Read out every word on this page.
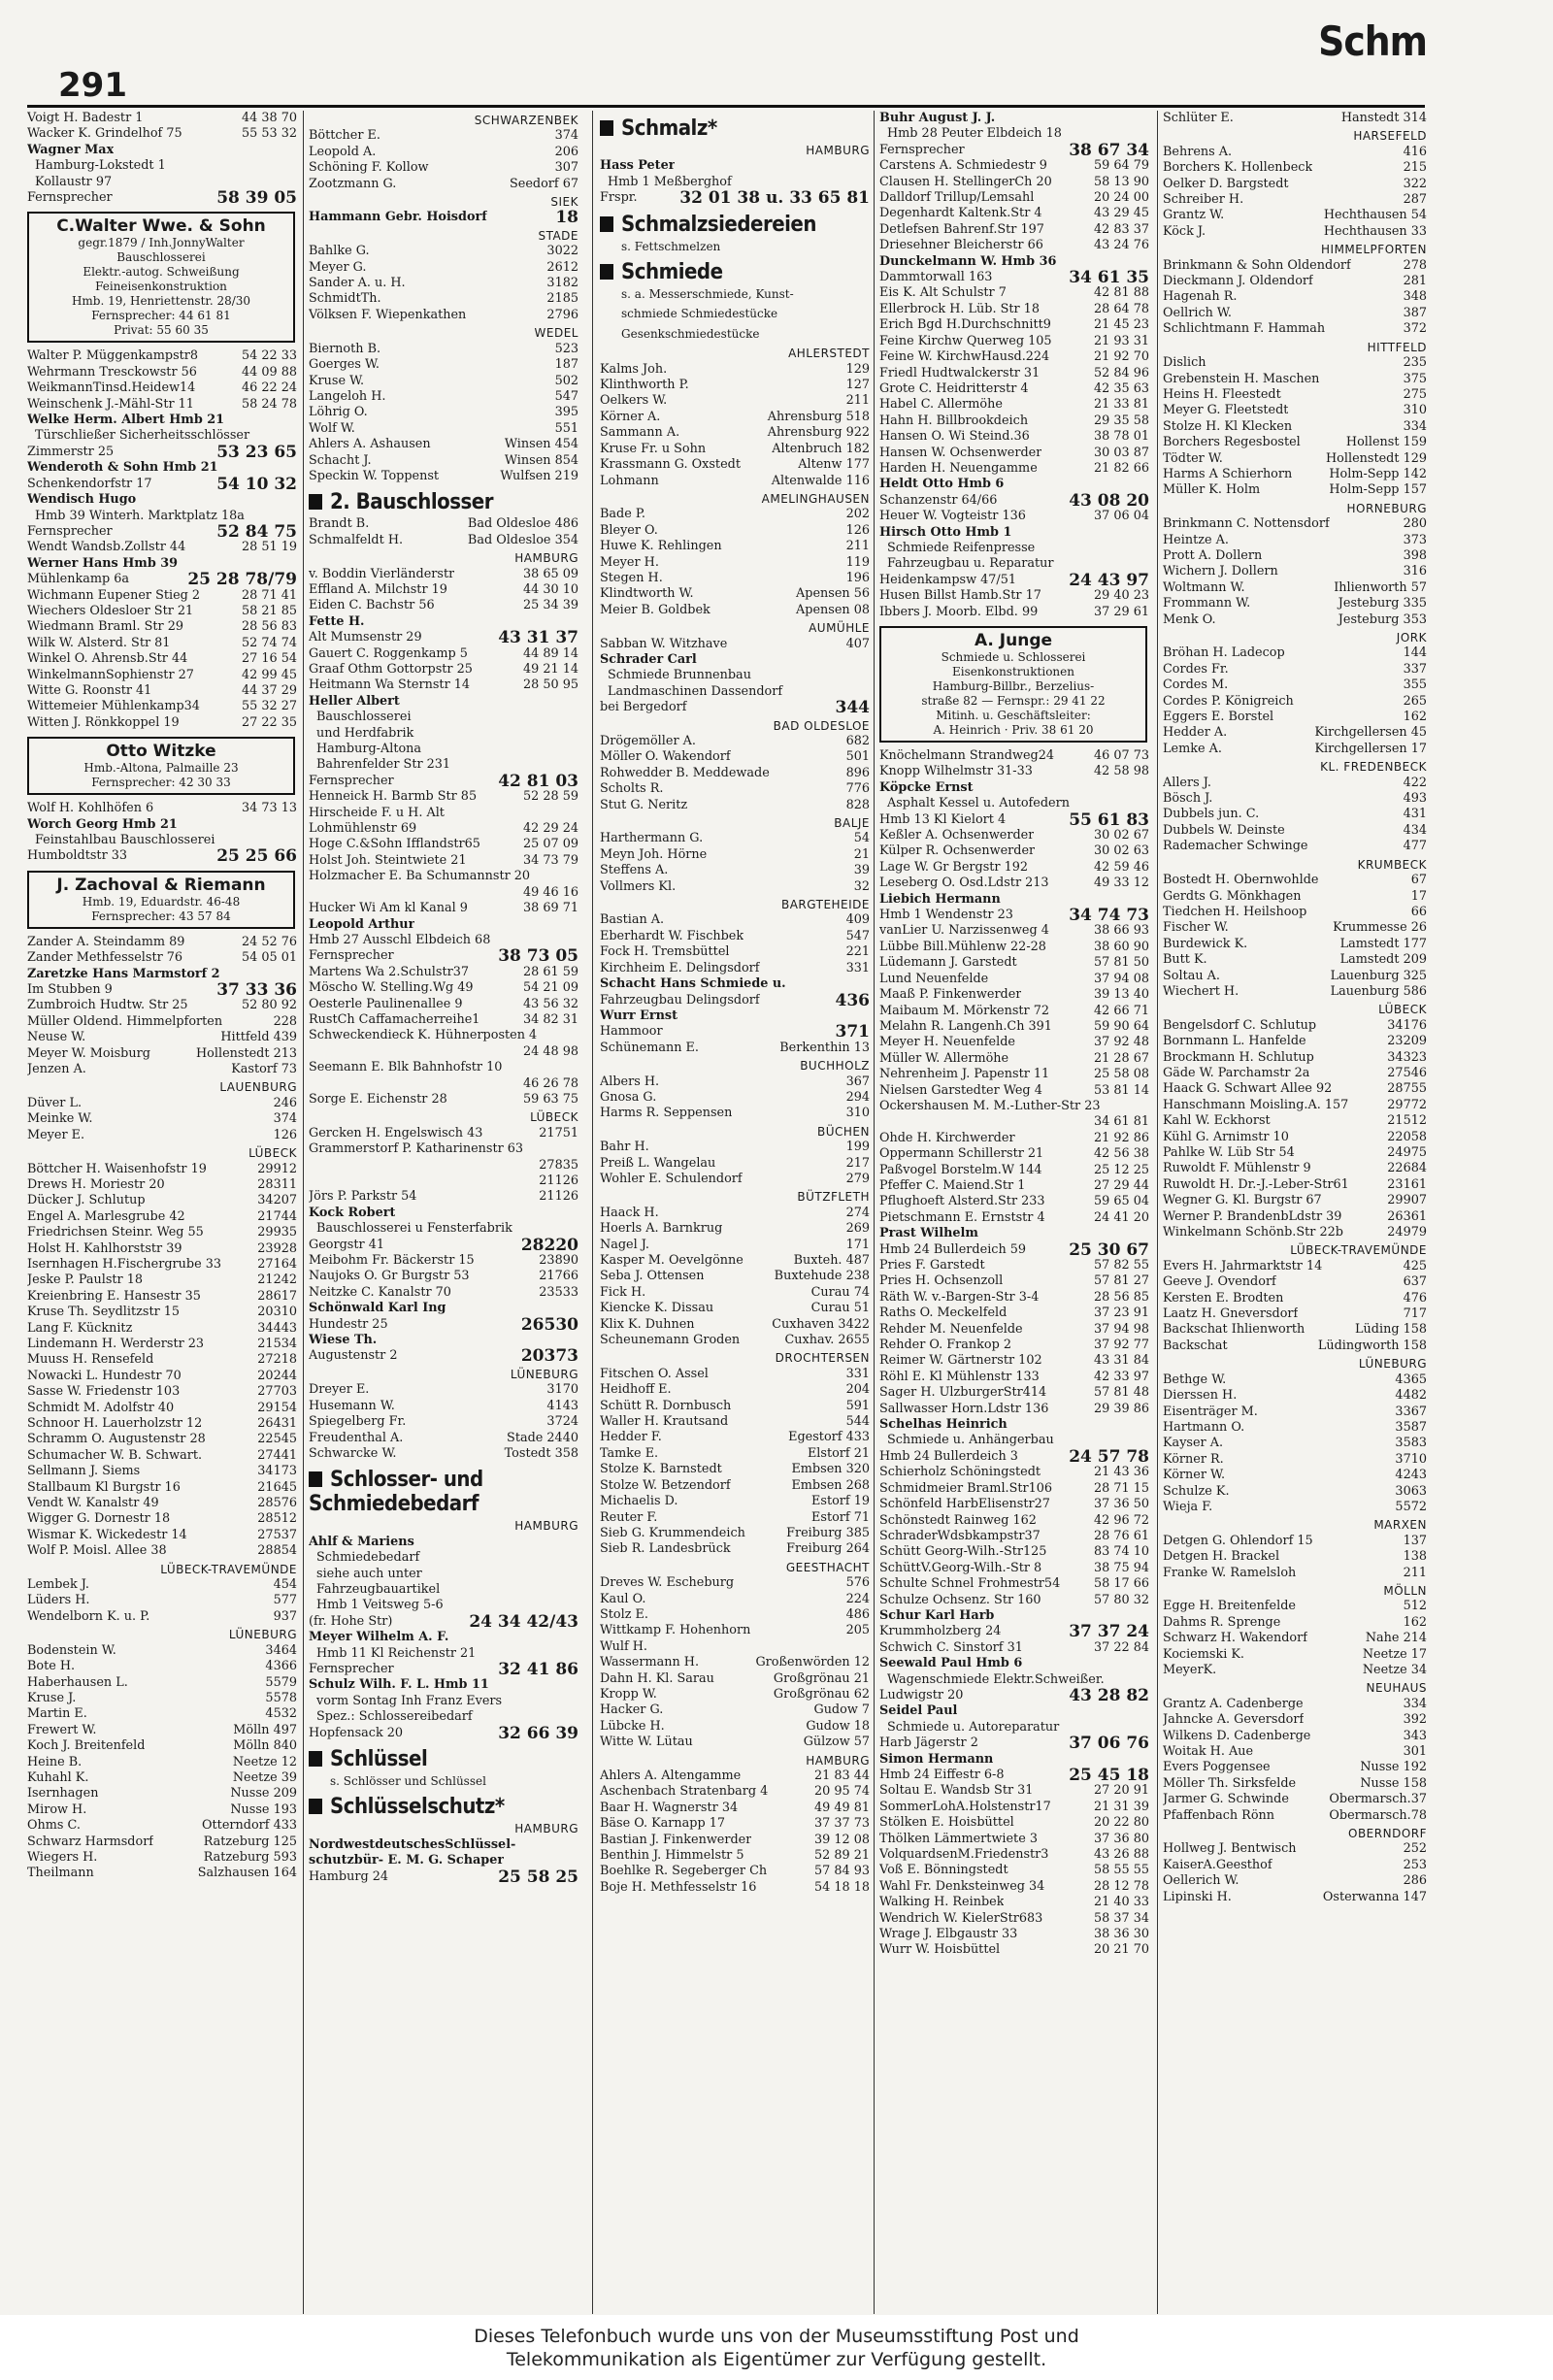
291
Schm
Voigt H. Badestr 1	44 38 70
Wacker K. Grindelhof 75	55 53 32
Wagner Max
Hamburg-Lokstedt 1
Kollaustr 97
Fernsprecher	58 39 05
C.Walter Wwe. & Sohn
gegr.1879 / Inh.JonnyWalter
Bauschlosserei
Elektr.-autog. Schweißung
Feineisenkonstruktion
Hmb. 19, Henriettenstr. 28/30
Fernsprecher: 44 61 81
Privat: 55 60 35
Walter P. Müggenkampstr8	54 22 33
Wehrmann Tresckowstr 56	44 09 88
WeikmannTinsd.Heidew14	46 22 24
Weinschenk J.-Mähl-Str 11	58 24 78
Welke Herm. Albert Hmb 21
Türschließer Sicherheitsschlösser
Zimmerstr 25	53 23 65
Wenderoth & Sohn Hmb 21
Schenkendorfstr 17	54 10 32
Wendisch Hugo
Hmb 39 Winterh. Marktplatz 18a
Fernsprecher	52 84 75
Wendt Wandsb.Zollstr 44	28 51 19
Werner Hans Hmb 39
Mühlenkamp 6a	25 28 78/79
Wichmann Eupener Stieg 2	28 71 41
Wiechers Oldesloer Str 21	58 21 85
Wiedmann Braml. Str 29	28 56 83
Wilk W. Alsterd. Str 81	52 74 74
Winkel O. Ahrensb.Str 44	27 16 54
WinkelmannSophienstr 27	42 99 45
Witte G. Roonstr 41	44 37 29
Wittemeier Mühlenkamp34	55 32 27
Witten J. Rönkkoppel 19	27 22 35
Otto Witzke
Hmb.-Altona, Palmaille 23
Fernsprecher: 42 30 33
Wolf H. Kohlhöfen 6	34 73 13
Worch Georg Hmb 21
Feinstahlbau Bauschlosserei
Humboldtstr 33	25 25 66
J. Zachoval & Riemann
Hmb. 19, Eduardstr. 46-48
Fernsprecher: 43 57 84
Zander A. Steindamm 89	24 52 76
Zander Methfesselstr 76	54 05 01
Zaretzke Hans Marmstorf 2
Im Stubben 9	37 33 36
Zumbroich Hudtw. Str 25	52 80 92
Müller Oldend. Himmelpforten	228
Neuse W.	Hittfeld 439
Meyer W. Moisburg	Hollenstedt 213
Jenzen A.	Kastorf 73
LAUENBURG
Düver L.	246
Meinke W.	374
Meyer E.	126
LÜBECK
Böttcher H. Waisenhofstr 19	29912
Drews H. Moriestr 20	28311
Dücker J. Schlutup	34207
Engel A. Marlesgrube 42	21744
Friedrichsen Steinr. Weg 55	29935
Holst H. Kahlhorststr 39	23928
Isernhagen H.Fischergrube 33	27164
Jeske P. Paulstr 18	21242
Kreienbring E. Hansestr 35	28617
Kruse Th. Seydlitzstr 15	20310
Lang F. Kücknitz	34443
Lindemann H. Werderstr 23	21534
Muuss H. Rensefeld	27218
Nowacki L. Hundestr 70	20244
Sasse W. Friedenstr 103	27703
Schmidt M. Adolfstr 40	29154
Schnoor H. Lauerholzstr 12	26431
Schramm O. Augustenstr 28	22545
Schumacher W. B. Schwart.	27441
Sellmann J. Siems	34173
Stallbaum Kl Burgstr 16	21645
Vendt W. Kanalstr 49	28576
Wigger G. Dornestr 18	28512
Wismar K. Wickedestr 14	27537
Wolf P. Moisl. Allee 38	28854
LÜBECK-TRAVEMÜNDE
Lembek J.	454
Lüders H.	577
Wendelborn K. u. P.	937
LÜNEBURG
Bodenstein W.	3464
Bote H.	4366
Haberhausen L.	5579
Kruse J.	5578
Martin E.	4532
Frewert W.	Mölln 497
Koch J. Breitenfeld	Mölln 840
Heine B.	Neetze 12
Kuhahl K.	Neetze 39
Isernhagen	Nusse 209
Mirow H.	Nusse 193
Ohms C.	Otterndorf 433
Schwarz Harmsdorf	Ratzeburg 125
Wiegers H.	Ratzeburg 593
Theilmann	Salzhausen 164
SCHWARZENBEK
Böttcher E.	374
Leopold A.	206
Schöning F. Kollow	307
Zootzmann G.	Seedorf 67
SIEK
Hammann Gebr. Hoisdorf	18
STADE
Bahlke G.	3022
Meyer G.	2612
Sander A. u. H.	3182
SchmidtTh.	2185
Völksen F. Wiepenkathen	2796
WEDEL
Biernoth B.	523
Goerges W.	187
Kruse W.	502
Langeloh H.	547
Löhrig O.	395
Wolf W.	551
Ahlers A. Ashausen	Winsen 454
Schacht J.	Winsen 854
Speckin W. Toppenst	Wulfsen 219
2. Bauschlosser
Brandt B.	Bad Oldesloe 486
Schmalfeldt H.	Bad Oldesloe 354
HAMBURG
v. Boddin Vierländerstr	38 65 09
Effland A. Milchstr 19	44 30 10
Eiden C. Bachstr 56	25 34 39
Fette H.
Alt Mumsenstr 29	43 31 37
Gauert C. Roggenkamp 5	44 89 14
Graaf Othm Gottorpstr 25	49 21 14
Heitmann Wa Sternstr 14	28 50 95
Heller Albert
Bauschlosserei
und Herdfabrik
Hamburg-Altona
Bahrenfelder Str 231
Fernsprecher	42 81 03
Henneick H. Barmb Str 85	52 28 59
Hirscheide F. u H. Alt
Lohmühlenstr 69	42 29 24
Hoge C.&Sohn Ifflandstr65	25 07 09
Holst Joh. Steintwiete 21	34 73 79
Holzmacher E. Ba Schumannstr 20
49 46 16
Hucker Wi Am kl Kanal 9	38 69 71
Leopold Arthur
Hmb 27 Ausschl Elbdeich 68
Fernsprecher	38 73 05
Martens Wa 2.Schulstr37	28 61 59
Möscho W. Stelling.Wg 49	54 21 09
Oesterle Paulinenallee 9	43 56 32
RustCh Caffamacherreihe1	34 82 31
Schweckendieck K. Hühnerposten 4
24 48 98
Seemann E. Blk Bahnhofstr 10
46 26 78
Sorge E. Eichenstr 28	59 63 75
LÜBECK
Gercken H. Engelswisch 43	21751
Grammerstorf P. Katharinenstr 63
27835
21126
Jörs P. Parkstr 54	21126
Kock Robert
Bauschlosserei u Fensterfabrik
Georgstr 41	28220
Meibohm Fr. Bäckerstr 15	23890
Naujoks O. Gr Burgstr 53	21766
Neitzke C. Kanalstr 70	23533
Schönwald Karl Ing
Hundestr 25	26530
Wiese Th.
Augustenstr 2	20373
LÜNEBURG
Dreyer E.	3170
Husemann W.	4143
Spiegelberg Fr.	3724
Freudenthal A.	Stade 2440
Schwarcke W.	Tostedt 358
Schlosser- und Schmiedebedarf
HAMBURG
Ahlf & Mariens
Schmiedebedarf
siehe auch unter
Fahrzeugbauartikel
Hmb 1 Veitsweg 5-6
(fr. Hohe Str)	24 34 42/43
Meyer Wilhelm A. F.
Hmb 11 Kl Reichenstr 21
Fernsprecher	32 41 86
Schulz Wilh. F. L. Hmb 11
vorm Sontag Inh Franz Evers
Spez.: Schlossereibedarf
Hopfensack 20	32 66 39
Schlüssel
s. Schlösser und Schlüssel
Schlüsselschutz*
HAMBURG
NordwestdeutschesSchlüssel-
schutzbür- E. M. G. Schaper
Hamburg 24	25 58 25
Schmalz*
HAMBURG
Hass Peter
Hmb 1 Meßberghof
Frspr.	32 01 38 u. 33 65 81
Schmalzsiedereien
s. Fettschmelzen
Schmiede
s. a. Messerschmiede, Kunst-
schmiede Schmiedestücke
Gesenkschmiedestücke
AHLERSTEDT
Kalms Joh.	129
Klinthworth P.	127
Oelkers W.	211
Körner A.	Ahrensburg 518
Sammann A.	Ahrensburg 922
Kruse Fr. u Sohn	Altenbruch 182
Krassmann G. Oxstedt	Altenw 177
Lohmann	Altenwalde 116
AMELINGHAUSEN
Bade P.	202
Bleyer O.	126
Huwe K. Rehlingen	211
Meyer H.	119
Stegen H.	196
Klindtworth W.	Apensen 56
Meier B. Goldbek	Apensen 08
AUMÜHLE
Sabban W. Witzhave	407
Schrader Carl
Schmiede Brunnenbau
Landmaschinen Dassendorf
bei Bergedorf	344
BAD OLDESLOE
Drögemöller A.	682
Möller O. Wakendorf	501
Rohwedder B. Meddewade	896
Scholts R.	776
Stut G. Neritz	828
BALJE
Harthermann G.	54
Meyn Joh. Hörne	21
Steffens A.	39
Vollmers Kl.	32
BARGTEHEIDE
Bastian A.	409
Eberhardt W. Fischbek	547
Fock H. Tremsbüttel	221
Kirchheim E. Delingsdorf	331
Schacht Hans Schmiede u.
Fahrzeugbau Delingsdorf	436
Wurr Ernst
Hammoor	371
Schünemann E.	Berkenthin 13
BUCHHOLZ
Albers H.	367
Gnosa G.	294
Harms R. Seppensen	310
BÜCHEN
Bahr H.	199
Preiß L. Wangelau	217
Wohler E. Schulendorf	279
BÜTZFLETH
Haack H.	274
Hoerls A. Barnkrug	269
Nagel J.	171
Kasper M. Oevelgönne	Buxteh. 487
Seba J. Ottensen	Buxtehude 238
Fick H.	Curau 74
Kiencke K. Dissau	Curau 51
Klix K. Duhnen	Cuxhaven 3422
Scheunemann Groden	Cuxhav. 2655
DROCHTERSEN
Fitschen O. Assel	331
Heidhoff E.	204
Schütt R. Dornbusch	591
Waller H. Krautsand	544
Hedder F.	Egestorf 433
Tamke E.	Elstorf 21
Stolze K. Barnstedt	Embsen 320
Stolze W. Betzendorf	Embsen 268
Michaelis D.	Estorf 19
Reuter F.	Estorf 71
Sieb G. Krummendeich	Freiburg 385
Sieb R. Landesbrück	Freiburg 264
GEESTHACHT
Dreves W. Escheburg	576
Kaul O.	224
Stolz E.	486
Wittkamp F. Hohenhorn	205
Wulf H.
Wassermann H.	Großenwörden 12
Dahn H. Kl. Sarau	Großgrönau 21
Kropp W.	Großgrönau 62
Hacker G.	Gudow 7
Lübcke H.	Gudow 18
Witte W. Lütau	Gülzow 57
HAMBURG
Ahlers A. Altengamme	21 83 44
Aschenbach Stratenbarg 4	20 95 74
Baar H. Wagnerstr 34	49 49 81
Bäse O. Karnapp 17	37 37 73
Bastian J. Finkenwerder	39 12 08
Benthin J. Himmelstr 5	52 89 21
Boehlke R. Segeberger Ch	57 84 93
Boje H. Methfesselstr 16	54 18 18
Buhr August J. J.
Hmb 28 Peuter Elbdeich 18
Fernsprecher	38 67 34
Carstens A. Schmiedestr 9	59 64 79
Clausen H. StellingerCh 20	58 13 90
Dalldorf Trillup/Lemsahl	20 24 00
Degenhardt Kaltenk.Str 4	43 29 45
Detlefsen Bahrenf.Str 197	42 83 37
Driesehner Bleicherstr 66	43 24 76
Dunckelmann W. Hmb 36
Dammtorwall 163	34 61 35
Eis K. Alt Schulstr 7	42 81 88
Ellerbrock H. Lüb. Str 18	28 64 78
Erich Bgd H.Durchschnitt9	21 45 23
Feine Kirchw Querweg 105	21 93 31
Feine W. KirchwHausd.224	21 92 70
Friedl Hudtwalckerstr 31	52 84 96
Grote C. Heidritterstr 4	42 35 63
Habel C. Allermöhe	21 33 81
Hahn H. Billbrookdeich	29 35 58
Hansen O. Wi Steind.36	38 78 01
Hansen W. Ochsenwerder	30 03 87
Harden H. Neuengamme	21 82 66
Heldt Otto Hmb 6
Schanzenstr 64/66	43 08 20
Heuer W. Vogteistr 136	37 06 04
Hirsch Otto Hmb 1
Schmiede Reifenpresse
Fahrzeugbau u. Reparatur
Heidenkampsw 47/51	24 43 97
Husen Billst Hamb.Str 17	29 40 23
Ibbers J. Moorb. Elbd. 99	37 29 61
A. Junge
Schmiede u. Schlosserei
Eisenkonstruktionen
Hamburg-Billbr., Berzelius-
straße 82 — Fernspr.: 29 41 22
Mitinh. u. Geschäftsleiter:
A. Heinrich · Priv. 38 61 20
Knöchelmann Strandweg24	46 07 73
Knopp Wilhelmstr 31-33	42 58 98
Köpcke Ernst
Asphalt Kessel u. Autofedern
Hmb 13 Kl Kielort 4	55 61 83
Keßler A. Ochsenwerder	30 02 67
Külper R. Ochsenwerder	30 02 63
Lage W. Gr Bergstr 192	42 59 46
Leseberg O. Osd.Ldstr 213	49 33 12
Liebich Hermann
Hmb 1 Wendenstr 23	34 74 73
vanLier U. Narzissenweg 4	38 66 93
Lübbe Bill.Mühlenw 22-28	38 60 90
Lüdemann J. Garstedt	57 81 50
Lund Neuenfelde	37 94 08
Maaß P. Finkenwerder	39 13 40
Maibaum M. Mörkenstr 72	42 66 71
Melahn R. Langenh.Ch 391	59 90 64
Meyer H. Neuenfelde	37 92 48
Müller W. Allermöhe	21 28 67
Nehrenheim J. Papenstr 11	25 58 08
Nielsen Garstedter Weg 4	53 81 14
Ockershausen M. M.-Luther-Str 23
34 61 81
Ohde H. Kirchwerder	21 92 86
Oppermann Schillerstr 21	42 56 38
Paßvogel Borstelm.W 144	25 12 25
Pfeffer C. Maiend.Str 1	27 29 44
Pflughoeft Alsterd.Str 233	59 65 04
Pietschmann E. Ernststr 4	24 41 20
Prast Wilhelm
Hmb 24 Bullerdeich 59	25 30 67
Pries F. Garstedt	57 82 55
Pries H. Ochsenzoll	57 81 27
Räth W. v.-Bargen-Str 3-4	28 56 85
Raths O. Meckelfeld	37 23 91
Rehder M. Neuenfelde	37 94 98
Rehder O. Frankop 2	37 92 77
Reimer W. Gärtnerstr 102	43 31 84
Röhl E. Kl Mühlenstr 133	42 33 97
Sager H. UlzburgerStr414	57 81 48
Sallwasser Horn.Ldstr 136	29 39 86
Schelhas Heinrich
Schmiede u. Anhängerbau
Hmb 24 Bullerdeich 3	24 57 78
Schierholz Schöningstedt	21 43 36
Schmidmeier Braml.Str106	28 71 15
Schönfeld HarbElisenstr27	37 36 50
Schönstedt Rainweg 162	42 96 72
SchraderWdsbkampstr37	28 76 61
Schütt Georg-Wilh.-Str125	83 74 10
SchüttV.Georg-Wilh.-Str 8	38 75 94
Schulte Schnel Frohmestr54	58 17 66
Schulze Ochsenz. Str 160	57 80 32
Schur Karl Harb
Krummholzberg 24	37 37 24
Schwich C. Sinstorf 31	37 22 84
Seewald Paul Hmb 6
Wagenschmiede Elektr.Schweißer.
Ludwigstr 20	43 28 82
Seidel Paul
Schmiede u. Autoreparatur
Harb Jägerstr 2	37 06 76
Simon Hermann
Hmb 24 Eiffestr 6-8	25 45 18
Soltau E. Wandsb Str 31	27 20 91
SommerLohA.Holstenstr17	21 31 39
Stölken E. Hoisbüttel	20 22 80
Thölken Lämmertwiete 3	37 36 80
VolquardsenM.Friedenstr3	43 26 88
Voß E. Bönningstedt	58 55 55
Wahl Fr. Denksteinweg 34	28 12 78
Walking H. Reinbek	21 40 33
Wendrich W. KielerStr683	58 37 34
Wrage J. Elbgaustr 33	38 36 30
Wurr W. Hoisbüttel	20 21 70
Schlüter E.	Hanstedt 314
HARSEFELD
Behrens A.	416
Borchers K. Hollenbeck	215
Oelker D. Bargstedt	322
Schreiber H.	287
Grantz W.	Hechthausen 54
Köck J.	Hechthausen 33
HIMMELPFORTEN
Brinkmann & Sohn Oldendorf	278
Dieckmann J. Oldendorf	281
Hagenah R.	348
Oellrich W.	387
Schlichtmann F. Hammah	372
HITTFELD
Dislich	235
Grebenstein H. Maschen	375
Heins H. Fleestedt	275
Meyer G. Fleetstedt	310
Stolze H. Kl Klecken	334
Borchers Regesbostel	Hollenst 159
Tödter W.	Hollenstedt 129
Harms A Schierhorn	Holm-Sepp 142
Müller K. Holm	Holm-Sepp 157
HORNEBURG
Brinkmann C. Nottensdorf	280
Heintze A.	373
Prott A. Dollern	398
Wichern J. Dollern	316
Woltmann W.	Ihlienworth 57
Frommann W.	Jesteburg 335
Menk O.	Jesteburg 353
JORK
Bröhan H. Ladecop	144
Cordes Fr.	337
Cordes M.	355
Cordes P. Königreich	265
Eggers E. Borstel	162
Hedder A.	Kirchgellersen 45
Lemke A.	Kirchgellersen 17
KL. FREDENBECK
Allers J.	422
Bösch J.	493
Dubbels jun. C.	431
Dubbels W. Deinste	434
Rademacher Schwinge	477
KRUMBECK
Bostedt H. Obernwohlde	67
Gerdts G. Mönkhagen	17
Tiedchen H. Heilshoop	66
Fischer W.	Krummesse 26
Burdewick K.	Lamstedt 177
Butt K.	Lamstedt 209
Soltau A.	Lauenburg 325
Wiechert H.	Lauenburg 586
LÜBECK
Bengelsdorf C. Schlutup	34176
Bornmann L. Hanfelde	23209
Brockmann H. Schlutup	34323
Gäde W. Parchamstr 2a	27546
Haack G. Schwart Allee 92	28755
Hanschmann Moisling.A. 157	29772
Kahl W. Eckhorst	21512
Kühl G. Arnimstr 10	22058
Pahlke W. Lüb Str 54	24975
Ruwoldt F. Mühlenstr 9	22684
Ruwoldt H. Dr.-J.-Leber-Str61	23161
Wegner G. Kl. Burgstr 67	29907
Werner P. BrandenbLdstr 39	26361
Winkelmann Schönb.Str 22b	24979
LÜBECK-TRAVEMÜNDE
Evers H. Jahrmarktstr 14	425
Geeve J. Ovendorf	637
Kersten E. Brodten	476
Laatz H. Gneversdorf	717
Backschat Ihlienworth	Lüding 158
Backschat	Lüdingworth 158
LÜNEBURG
Bethge W.	4365
Dierssen H.	4482
Eisenträger M.	3367
Hartmann O.	3587
Kayser A.	3583
Körner R.	3710
Körner W.	4243
Schulze K.	3063
Wieja F.	5572
MARXEN
Detgen G. Ohlendorf 15	137
Detgen H. Brackel	138
Franke W. Ramelsloh	211
MÖLLN
Egge H. Breitenfelde	512
Dahms R. Sprenge	162
Schwarz H. Wakendorf	Nahe 214
Kociemski K.	Neetze 17
MeyerK.	Neetze 34
NEUHAUS
Grantz A. Cadenberge	334
Jahncke A. Geversdorf	392
Wilkens D. Cadenberge	343
Woitak H. Aue	301
Evers Poggensee	Nusse 192
Möller Th. Sirksfelde	Nusse 158
Jarmer G. Schwinde	Obermarsch.37
Pfaffenbach Rönn	Obermarsch.78
OBERNDORF
Hollweg J. Bentwisch	252
KaiserA.Geesthof	253
Oellerich W.	286
Lipinski H.	Osterwanna 147
Dieses Telefonbuch wurde uns von der Museumsstiftung Post und
Telekommunikation als Eigentümer zur Verfügung gestellt.
